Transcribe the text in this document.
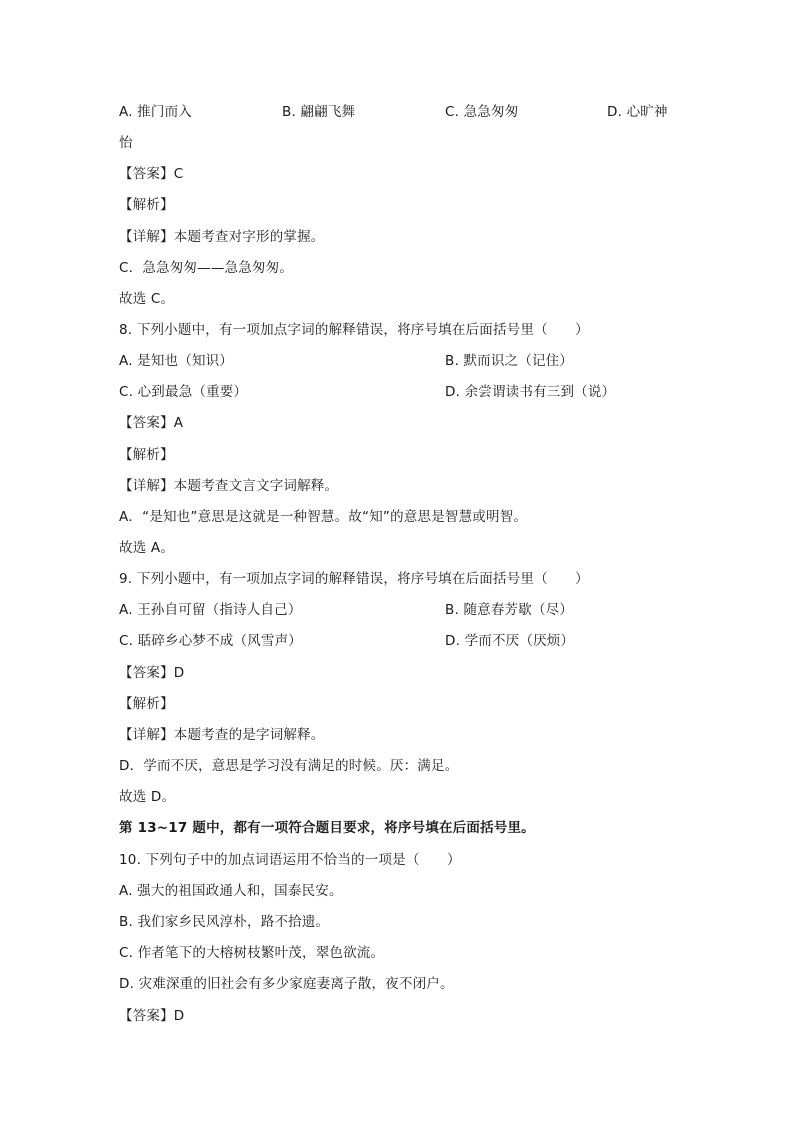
A. 推门而入	B. 翩翩飞舞	C. 急急匆匆	D. 心旷神
怡
【答案】C
【解析】
【详解】本题考查对字形的掌握。
C．急急匆匆——急急匆匆。
故选 C。
8. 下列小题中，有一项加点字词的解释错误，将序号填在后面括号里（　　）
A. 是知也（知识）	B. 默而识之（记住）
C. 心到最急（重要）	D. 余尝谓读书有三到（说）
【答案】A
【解析】
【详解】本题考查文言文字词解释。
A．“是知也”意思是这就是一种智慧。故“知”的意思是智慧或明智。
故选 A。
9. 下列小题中，有一项加点字词的解释错误，将序号填在后面括号里（　　）
A. 王孙自可留（指诗人自己）	B. 随意春芳歇（尽）
C. 聒碎乡心梦不成（风雪声）	D. 学而不厌（厌烦）
【答案】D
【解析】
【详解】本题考查的是字词解释。
D．学而不厌，意思是学习没有满足的时候。厌：满足。
故选 D。
第 13~17 题中，都有一项符合题目要求，将序号填在后面括号里。
10. 下列句子中的加点词语运用不恰当的一项是（　　）
A. 强大的祖国政通人和，国泰民安。
B. 我们家乡民风淳朴，路不拾遗。
C. 作者笔下的大榕树枝繁叶茂，翠色欲流。
D. 灾难深重的旧社会有多少家庭妻离子散，夜不闭户。
【答案】D
